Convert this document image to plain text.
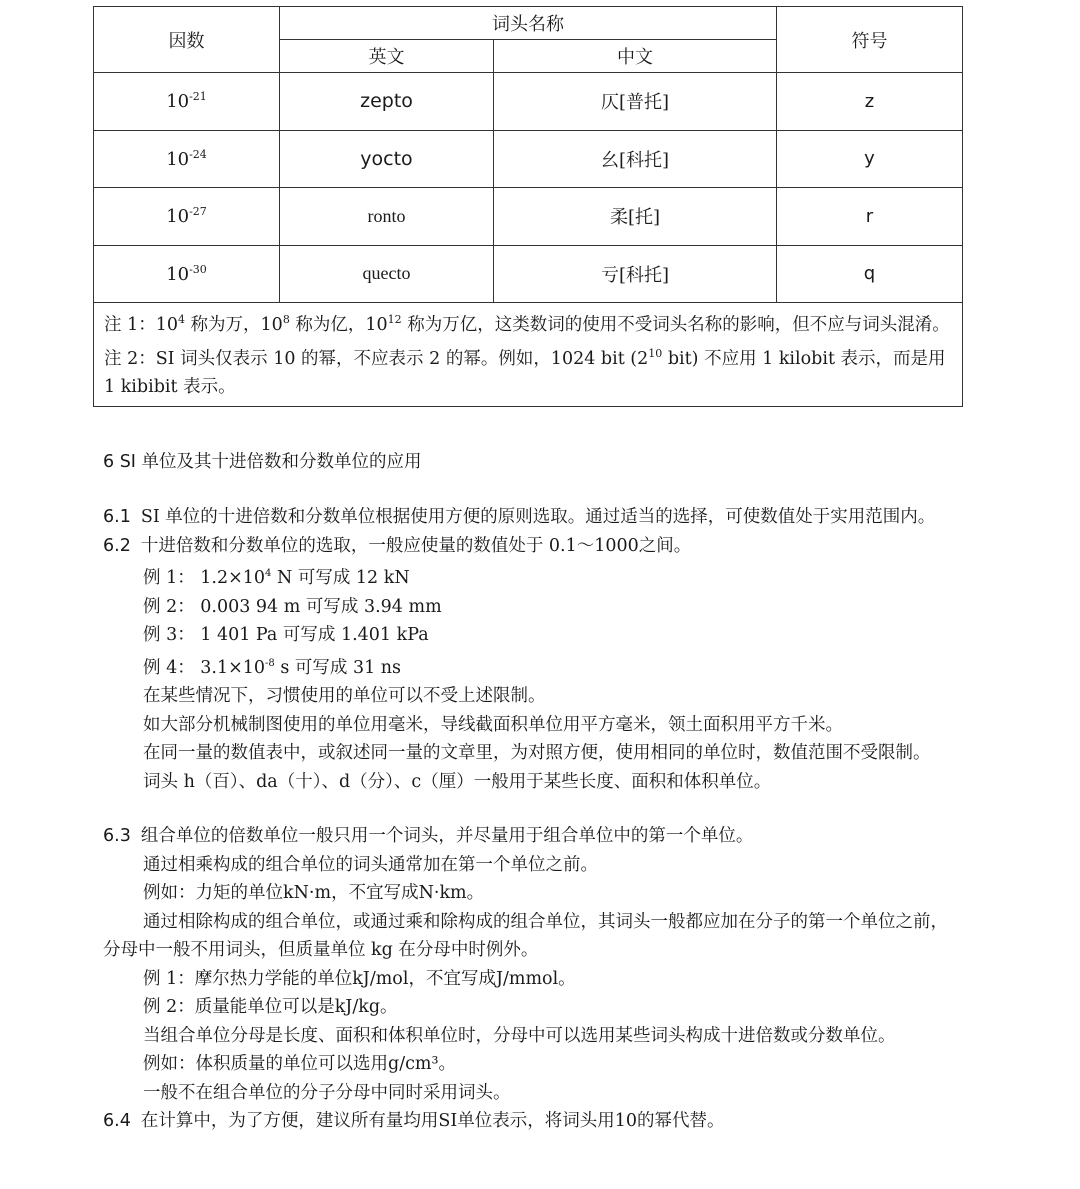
因数	词头名称		符号
	英文	中文	
$10^{-21}$	zepto	仄[普托]	z
$10^{-24}$	yocto	幺[科托]	y
$10^{-27}$	ronto	柔[托]	r
$10^{-30}$	quecto	亏[科托]	q

注 1：$10^4$ 称为万，$10^8$ 称为亿，$10^{12}$ 称为万亿，这类数词的使用不受词头名称的影响，但不应与词头混淆。
注 2：SI 词头仅表示 10 的幂，不应表示 2 的幂。例如，1024 bit ($2^{10}$ bit) 不应用 1 kilobit 表示，而是用 1 kibibit 表示。			
6 SI 单位及其十进倍数和分数单位的应用

6.1 SI 单位的十进倍数和分数单位根据使用方便的原则选取。通过适当的选择，可使数值处于实用范围内。

6.2 十进倍数和分数单位的选取，一般应使量的数值处于 0.1～1000之间。

例 1： $1.2\times 10^4$ N 可写成 12 kN

例 2： 0.003 94 m 可写成 3.94 mm

例 3： 1 401 Pa 可写成 1.401 kPa

例 4： $3.1\times 10^{-8}$ s 可写成 31 ns

在某些情况下，习惯使用的单位可以不受上述限制。

如大部分机械制图使用的单位用毫米，导线截面积单位用平方毫米，领土面积用平方千米。

在同一量的数值表中，或叙述同一量的文章里，为对照方便，使用相同的单位时，数值范围不受限制。

词头 h（百）、da（十）、d（分）、c（厘）一般用于某些长度、面积和体积单位。

6.3 组合单位的倍数单位一般只用一个词头，并尽量用于组合单位中的第一个单位。

通过相乘构成的组合单位的词头通常加在第一个单位之前。

例如：力矩的单位kN·m，不宜写成N·km。

通过相除构成的组合单位，或通过乘和除构成的组合单位，其词头一般都应加在分子的第一个单位之前，分母中一般不用词头，但质量单位 kg 在分母中时例外。

例 1：摩尔热力学能的单位kJ/mol，不宜写成J/mmol。

例 2：质量能单位可以是kJ/kg。

当组合单位分母是长度、面积和体积单位时，分母中可以选用某些词头构成十进倍数或分数单位。

例如：体积质量的单位可以选用g/cm³。

一般不在组合单位的分子分母中同时采用词头。

6.4 在计算中，为了方便，建议所有量均用SI单位表示，将词头用10的幂代替。
